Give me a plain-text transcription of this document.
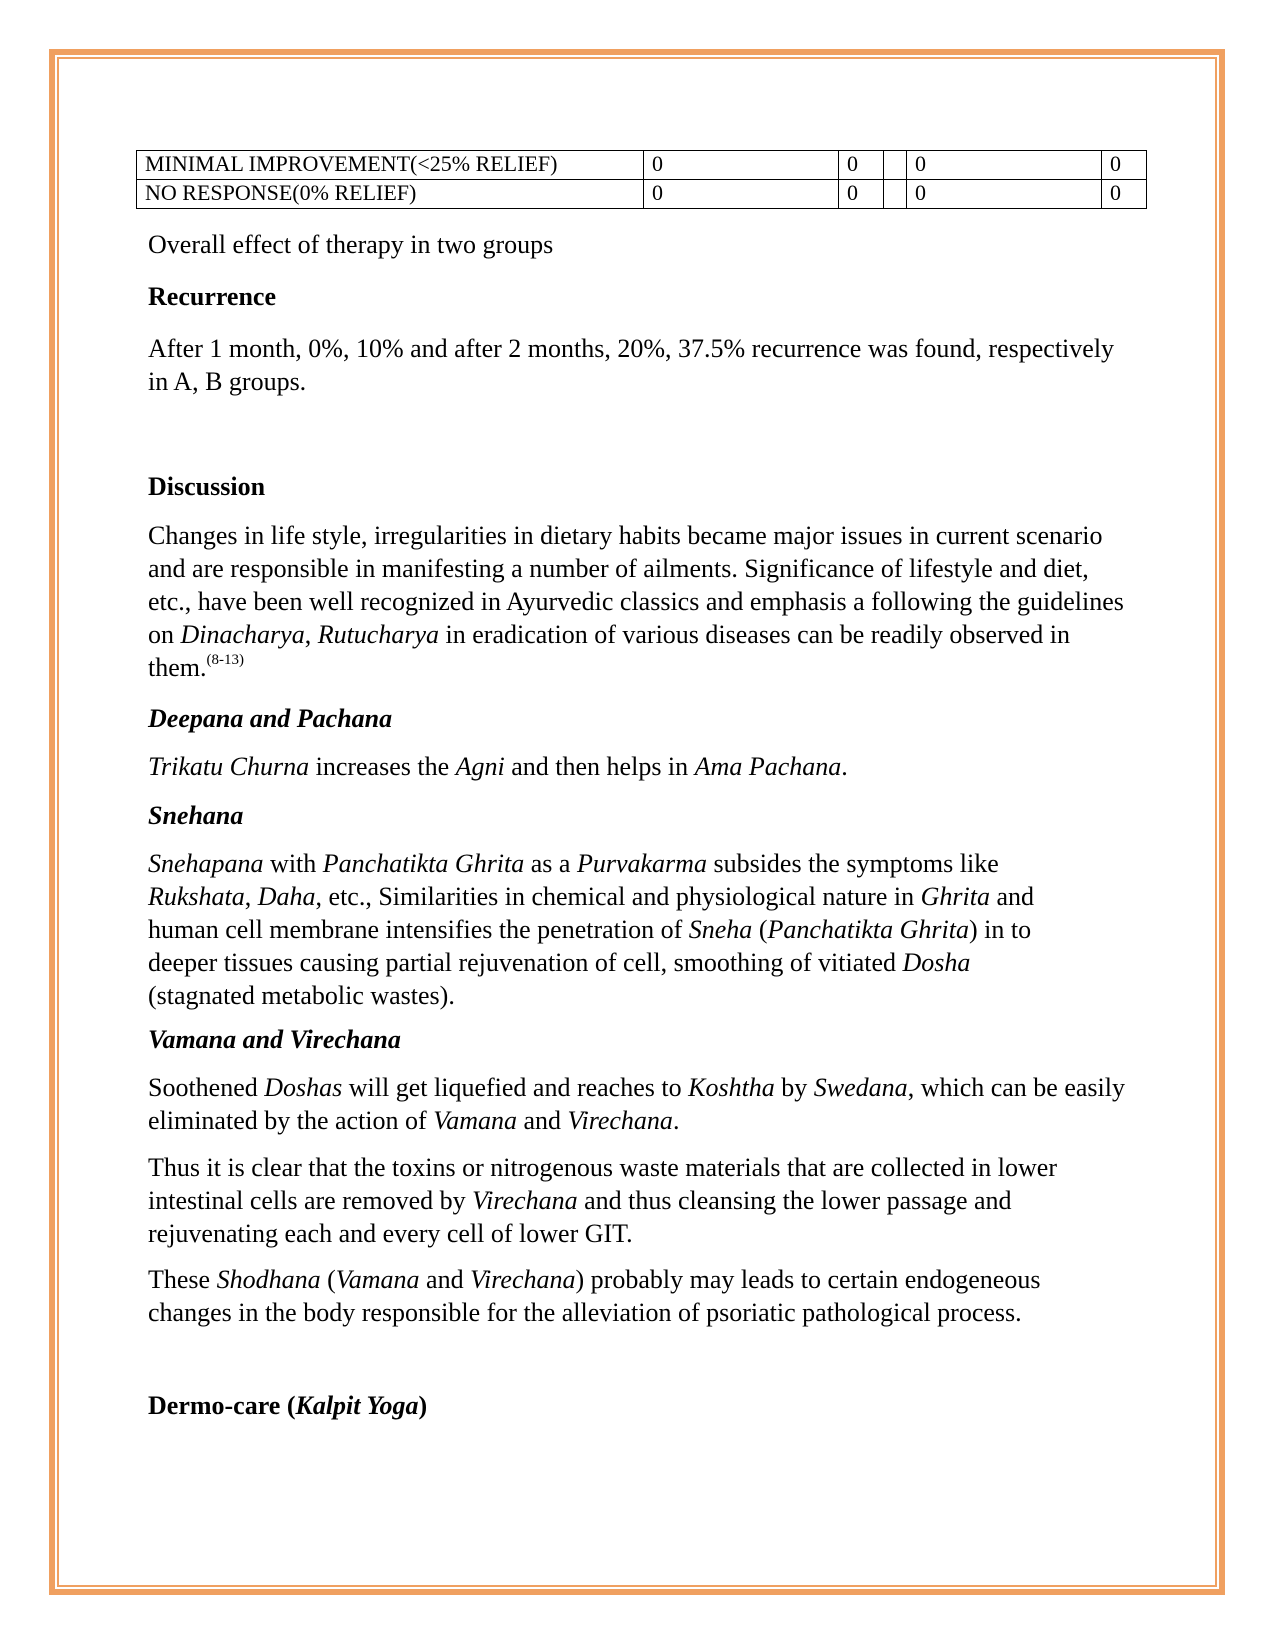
MINIMAL IMPROVEMENT(<25% RELIEF)	0	0		0	0
NO RESPONSE(0% RELIEF)	0	0		0	0

Overall effect of therapy in two groups

Recurrence

After 1 month, 0%, 10% and after 2 months, 20%, 37.5% recurrence was found, respectively in A, B groups.

Discussion

Changes in life style, irregularities in dietary habits became major issues in current scenario and are responsible in manifesting a number of ailments. Significance of lifestyle and diet, etc., have been well recognized in Ayurvedic classics and emphasis a following the guidelines on Dinacharya, Rutucharya in eradication of various diseases can be readily observed in them.$^{(8-13)}$

Deepana and Pachana

Trikatu Churna increases the Agni and then helps in Ama Pachana.

Snehana

Snehapana with Panchatikta Ghrita as a Purvakarma subsides the symptoms like Rukshata, Daha, etc., Similarities in chemical and physiological nature in Ghrita and human cell membrane intensifies the penetration of Sneha (Panchatikta Ghrita) in to deeper tissues causing partial rejuvenation of cell, smoothing of vitiated Dosha (stagnated metabolic wastes).

Vamana and Virechana

Soothened Doshas will get liquefied and reaches to Koshtha by Swedana, which can be easily eliminated by the action of Vamana and Virechana.

Thus it is clear that the toxins or nitrogenous waste materials that are collected in lower intestinal cells are removed by Virechana and thus cleansing the lower passage and rejuvenating each and every cell of lower GIT.

These Shodhana (Vamana and Virechana) probably may leads to certain endogeneous changes in the body responsible for the alleviation of psoriatic pathological process.

Dermo-care (Kalpit Yoga)
